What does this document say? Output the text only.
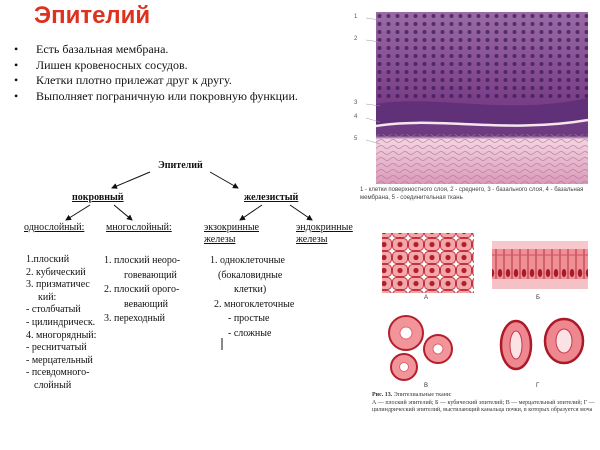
Эпителий
• Есть базальная мембрана.
• Лишен кровеносных сосудов.
• Клетки плотно прилежат друг к другу.
• Выполняет пограничную или покровную функции.
Эпителий
покровный	железистый
однослойный: многослойный:	экзокринные
железы
эндокринные
железы
1.плоский
2. кубический
3. призматичес
кий:
- столбчатый
- цилиндрическ.
4. многорядный:
- реснитчатый
- мерцательный
- псевдомного-
слойный
1. плоский неоро-
говевающий
2. плоский орого-
вевающий
3. переходный
1. одноклеточные
(бокаловидные
клетки)
2. многоклеточные
- простые
- сложные
1
2
3
4
5
1 - клетки поверхностного слоя, 2 - среднего, 3 - базального слоя, 4 - базальная мембрана, 5 - соединительная ткань
А	Б
В	Г
Рис. 13. Эпителиальные ткани:
А — плоский эпителий; Б — кубический эпителий; В — мерцательный эпителий; Г — цилиндрический эпителий, выстилающий канальца почки, в которых образуется моча
